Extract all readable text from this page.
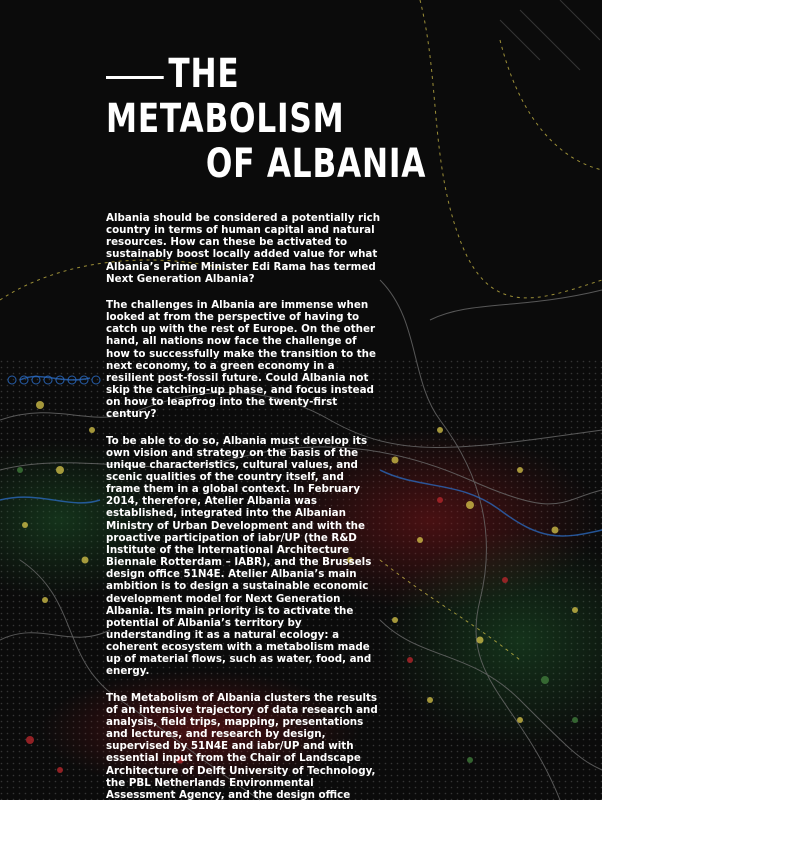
THE
METABOLISM
OF ALBANIA

Albania should be considered a potentially rich country in terms of human capital and natural resources. How can these be activated to sustainably boost locally added value for what Albania’s Prime Minister Edi Rama has termed Next Generation Albania?

The challenges in Albania are immense when looked at from the perspective of having to catch up with the rest of Europe. On the other hand, all nations now face the challenge of how to successfully make the transition to the next economy, to a green economy in a resilient post-fossil future. Could Albania not skip the catching-up phase, and focus instead on how to leapfrog into the twenty-first century?

To be able to do so, Albania must develop its own vision and strategy on the basis of the unique characteristics, cultural values, and scenic qualities of the country itself, and frame them in a global context. In February 2014, therefore, Atelier Albania was established, integrated into the Albanian Ministry of Urban Development and with the proactive participation of iabr/UP (the R&D Institute of the International Architecture Biennale Rotterdam – IABR), and the Brussels design office 51N4E. Atelier Albania’s main ambition is to design a sustainable economic development model for Next Generation Albania. Its main priority is to activate the potential of Albania’s territory by understanding it as a natural ecology: a coherent ecosystem with a metabolism made up of material flows, such as water, food, and energy.

The Metabolism of Albania clusters the results of an intensive trajectory of data research and analysis, field trips, mapping, presentations and lectures, and research by design, supervised by 51N4E and iabr/UP and with essential input from the Chair of Landscape Architecture of Delft University of Technology, the PBL Netherlands Environmental Assessment Agency, and the design office .FABRIC, in close collaboration with the National Territorial Planning Agency of Albania (AKPT) and many other Albanian partners.
